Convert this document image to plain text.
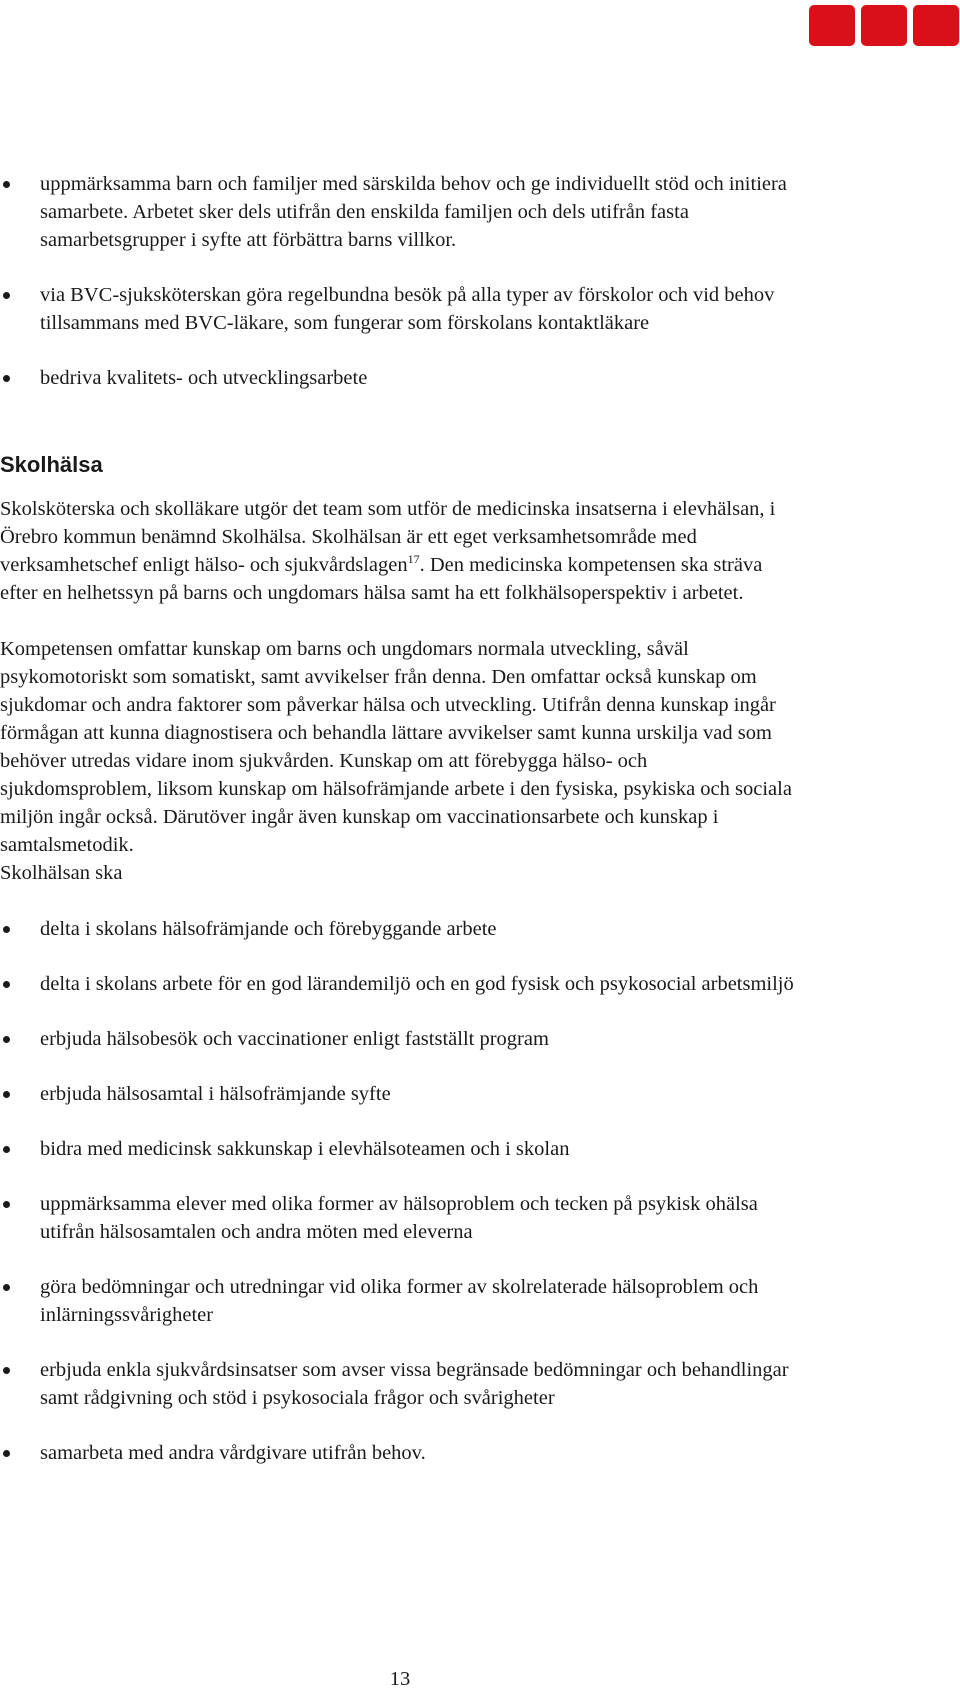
uppmärksamma barn och familjer med särskilda behov och ge individuellt stöd och initiera samarbete. Arbetet sker dels utifrån den enskilda familjen och dels utifrån fasta samarbetsgrupper i syfte att förbättra barns villkor.
via BVC-sjuksköterskan göra regelbundna besök på alla typer av förskolor och vid behov tillsammans med BVC-läkare, som fungerar som förskolans kontaktläkare
bedriva kvalitets- och utvecklingsarbete
Skolhälsa

Skolsköterska och skolläkare utgör det team som utför de medicinska insatserna i elevhälsan, i Örebro kommun benämnd Skolhälsa. Skolhälsan är ett eget verksamhetsområde med verksamhetschef enligt hälso- och sjukvårdslagen$^{17}$. Den medicinska kompetensen ska sträva efter en helhetssyn på barns och ungdomars hälsa samt ha ett folkhälsoperspektiv i arbetet.

Kompetensen omfattar kunskap om barns och ungdomars normala utveckling, såväl psykomotoriskt som somatiskt, samt avvikelser från denna. Den omfattar också kunskap om sjukdomar och andra faktorer som påverkar hälsa och utveckling. Utifrån denna kunskap ingår förmågan att kunna diagnostisera och behandla lättare avvikelser samt kunna urskilja vad som behöver utredas vidare inom sjukvården. Kunskap om att förebygga hälso- och sjukdomsproblem, liksom kunskap om hälsofrämjande arbete i den fysiska, psykiska och sociala miljön ingår också. Därutöver ingår även kunskap om vaccinationsarbete och kunskap i samtalsmetodik.

Skolhälsan ska

delta i skolans hälsofrämjande och förebyggande arbete
delta i skolans arbete för en god lärandemiljö och en god fysisk och psykosocial arbetsmiljö
erbjuda hälsobesök och vaccinationer enligt fastställt program
erbjuda hälsosamtal i hälsofrämjande syfte
bidra med medicinsk sakkunskap i elevhälsoteamen och i skolan
uppmärksamma elever med olika former av hälsoproblem och tecken på psykisk ohälsa utifrån hälsosamtalen och andra möten med eleverna
göra bedömningar och utredningar vid olika former av skolrelaterade hälsoproblem och inlärningssvårigheter
erbjuda enkla sjukvårdsinsatser som avser vissa begränsade bedömningar och behandlingar samt rådgivning och stöd i psykosociala frågor och svårigheter
samarbeta med andra vårdgivare utifrån behov.
13
